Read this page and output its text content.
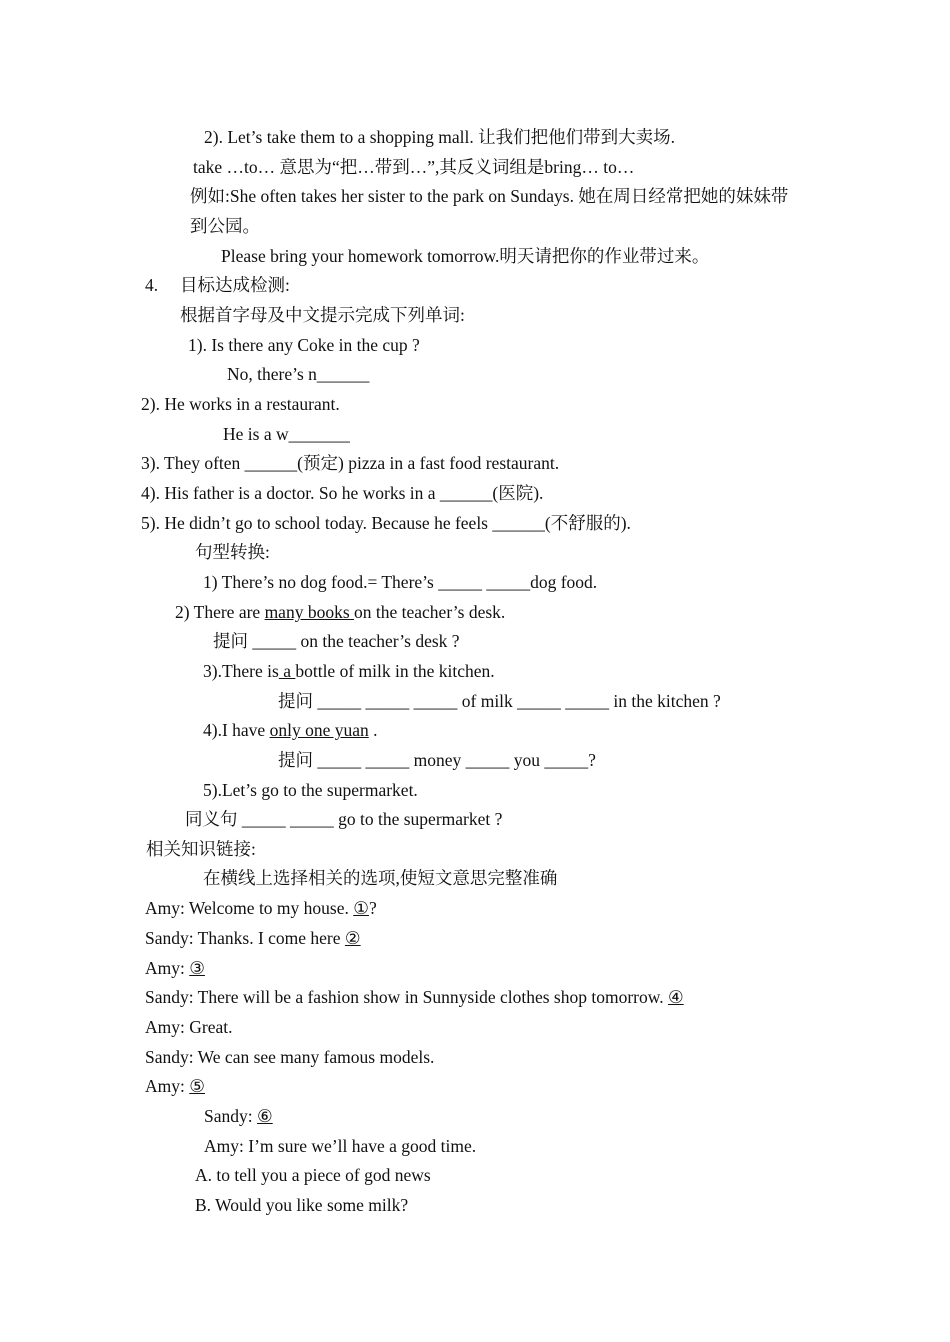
2). Let’s take them to a shopping mall. 让我们把他们带到大卖场.
take …to… 意思为“把…带到…”,其反义词组是bring… to…
例如:She often takes her sister to the park on Sundays. 她在周日经常把她的妹妹带
到公园。
Please bring your homework tomorrow.明天请把你的作业带过来。
4. 目标达成检测:
根据首字母及中文提示完成下列单词:
1). Is there any Coke in the cup ?
No, there’s n______
2). He works in a restaurant.
He is a w_______
3). They often ______(预定) pizza in a fast food restaurant.
4). His father is a doctor. So he works in a ______(医院).
5). He didn’t go to school today. Because he feels ______(不舒服的).
句型转换:
1) There’s no dog food.= There’s _____ _____dog food.
2) There are many books on the teacher’s desk.
提问 _____ on the teacher’s desk ?
3).There is a bottle of milk in the kitchen.
提问 _____ _____ _____ of milk _____ _____ in the kitchen ?
4).I have only one yuan .
提问 _____ _____ money _____ you _____?
5).Let’s go to the supermarket.
同义句 _____ _____ go to the supermarket ?
相关知识链接:
在横线上选择相关的选项,使短文意思完整准确
Amy: Welcome to my house. ①?
Sandy: Thanks. I come here ②
Amy: ③
Sandy: There will be a fashion show in Sunnyside clothes shop tomorrow. ④
Amy: Great.
Sandy: We can see many famous models.
Amy: ⑤
Sandy: ⑥
Amy: I’m sure we’ll have a good time.
A. to tell you a piece of god news
B. Would you like some milk?
